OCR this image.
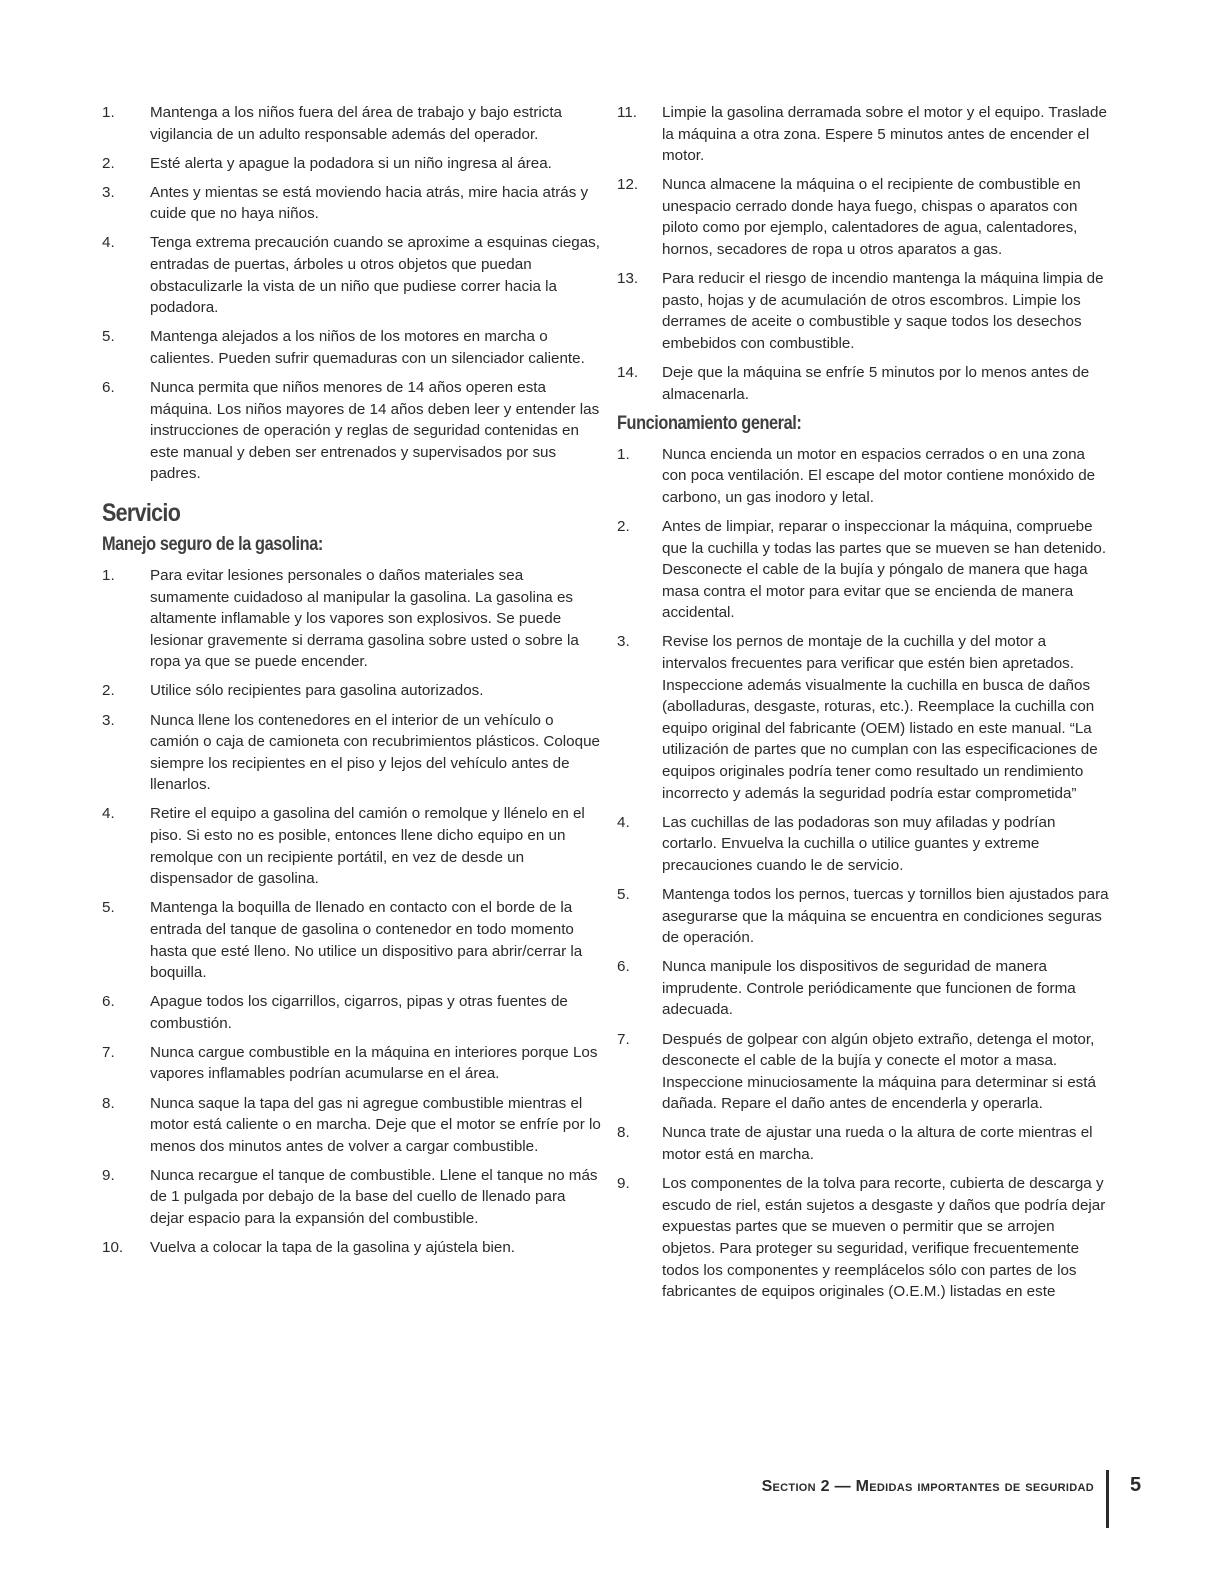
1.	Mantenga a los niños fuera del área de trabajo y bajo estricta vigilancia de un adulto responsable además del operador.
2.	Esté alerta y apague la podadora si un niño ingresa al área.
3.	Antes y mientas se está moviendo hacia atrás, mire hacia atrás y cuide que no haya niños.
4.	Tenga extrema precaución cuando se aproxime a esquinas ciegas, entradas de puertas, árboles u otros objetos que puedan obstaculizarle la vista de un niño que pudiese correr hacia la podadora.
5.	Mantenga alejados a los niños de los motores en marcha o calientes. Pueden sufrir quemaduras con un silenciador caliente.
6.	Nunca permita que niños menores de 14 años operen esta máquina. Los niños mayores de 14 años deben leer y entender las instrucciones de operación y reglas de seguridad contenidas en este manual y deben ser entrenados y supervisados por sus padres.
Servicio
Manejo seguro de la gasolina:
1.	Para evitar lesiones personales o daños materiales sea sumamente cuidadoso al manipular la gasolina. La gasolina es altamente inflamable y los vapores son explosivos. Se puede lesionar gravemente si derrama gasolina sobre usted o sobre la ropa ya que se puede encender.
2.	Utilice sólo recipientes para gasolina autorizados.
3.	Nunca llene los contenedores en el interior de un vehículo o camión o caja de camioneta con recubrimientos plásticos. Coloque siempre los recipientes en el piso y lejos del vehículo antes de llenarlos.
4.	Retire el equipo a gasolina del camión o remolque y llénelo en el piso. Si esto no es posible, entonces llene dicho equipo en un remolque con un recipiente portátil, en vez de desde un dispensador de gasolina.
5.	Mantenga la boquilla de llenado en contacto con el borde de la entrada del tanque de gasolina o contenedor en todo momento hasta que esté lleno. No utilice un dispositivo para abrir/cerrar la boquilla.
6.	Apague todos los cigarrillos, cigarros, pipas y otras fuentes de combustión.
7.	Nunca cargue combustible en la máquina en interiores porque Los vapores inflamables podrían acumularse en el área.
8.	Nunca saque la tapa del gas ni agregue combustible mientras el motor está caliente o en marcha. Deje que el motor se enfríe por lo menos dos minutos antes de volver a cargar combustible.
9.	Nunca recargue el tanque de combustible. Llene el tanque no más de 1 pulgada por debajo de la base del cuello de llenado para dejar espacio para la expansión del combustible.
10.	Vuelva a colocar la tapa de la gasolina y ajústela bien.
11.	Limpie la gasolina derramada sobre el motor y el equipo. Traslade la máquina a otra zona. Espere 5 minutos antes de encender el motor.
12.	Nunca almacene la máquina o el recipiente de combustible en unespacio cerrado donde haya fuego, chispas o aparatos con piloto como por ejemplo, calentadores de agua, calentadores, hornos, secadores de ropa u otros aparatos a gas.
13.	Para reducir el riesgo de incendio mantenga la máquina limpia de pasto, hojas y de acumulación de otros escombros. Limpie los derrames de aceite o combustible y saque todos los desechos embebidos con combustible.
14.	Deje que la máquina se enfríe 5 minutos por lo menos antes de almacenarla.
Funcionamiento general:
1.	Nunca encienda un motor en espacios cerrados o en una zona con poca ventilación. El escape del motor contiene monóxido de carbono, un gas inodoro y letal.
2.	Antes de limpiar, reparar o inspeccionar la máquina, compruebe que la cuchilla y todas las partes que se mueven se han detenido. Desconecte el cable de la bujía y póngalo de manera que haga masa contra el motor para evitar que se encienda de manera accidental.
3.	Revise los pernos de montaje de la cuchilla y del motor a intervalos frecuentes para verificar que estén bien apretados. Inspeccione además visualmente la cuchilla en busca de daños (abolladuras, desgaste, roturas, etc.). Reemplace la cuchilla con equipo original del fabricante (OEM) listado en este manual. “La utilización de partes que no cumplan con las especificaciones de equipos originales podría tener como resultado un rendimiento incorrecto y además la seguridad podría estar comprometida”
4.	Las cuchillas de las podadoras son muy afiladas y podrían cortarlo. Envuelva la cuchilla o utilice guantes y extreme precauciones cuando le de servicio.
5.	Mantenga todos los pernos, tuercas y tornillos bien ajustados para asegurarse que la máquina se encuentra en condiciones seguras de operación.
6.	Nunca manipule los dispositivos de seguridad de manera imprudente. Controle periódicamente que funcionen de forma adecuada.
7.	Después de golpear con algún objeto extraño, detenga el motor, desconecte el cable de la bujía y conecte el motor a masa. Inspeccione minuciosamente la máquina para determinar si está dañada. Repare el daño antes de encenderla y operarla.
8.	Nunca trate de ajustar una rueda o la altura de corte mientras el motor está en marcha.
9.	Los componentes de la tolva para recorte, cubierta de descarga y escudo de riel, están sujetos a desgaste y daños que podría dejar expuestas partes que se mueven o permitir que se arrojen objetos. Para proteger su seguridad, verifique frecuentemente todos los componentes y reemplácelos sólo con partes de los fabricantes de equipos originales (O.E.M.) listadas en este
Section 2 — Medidas importantes de seguridad 5
